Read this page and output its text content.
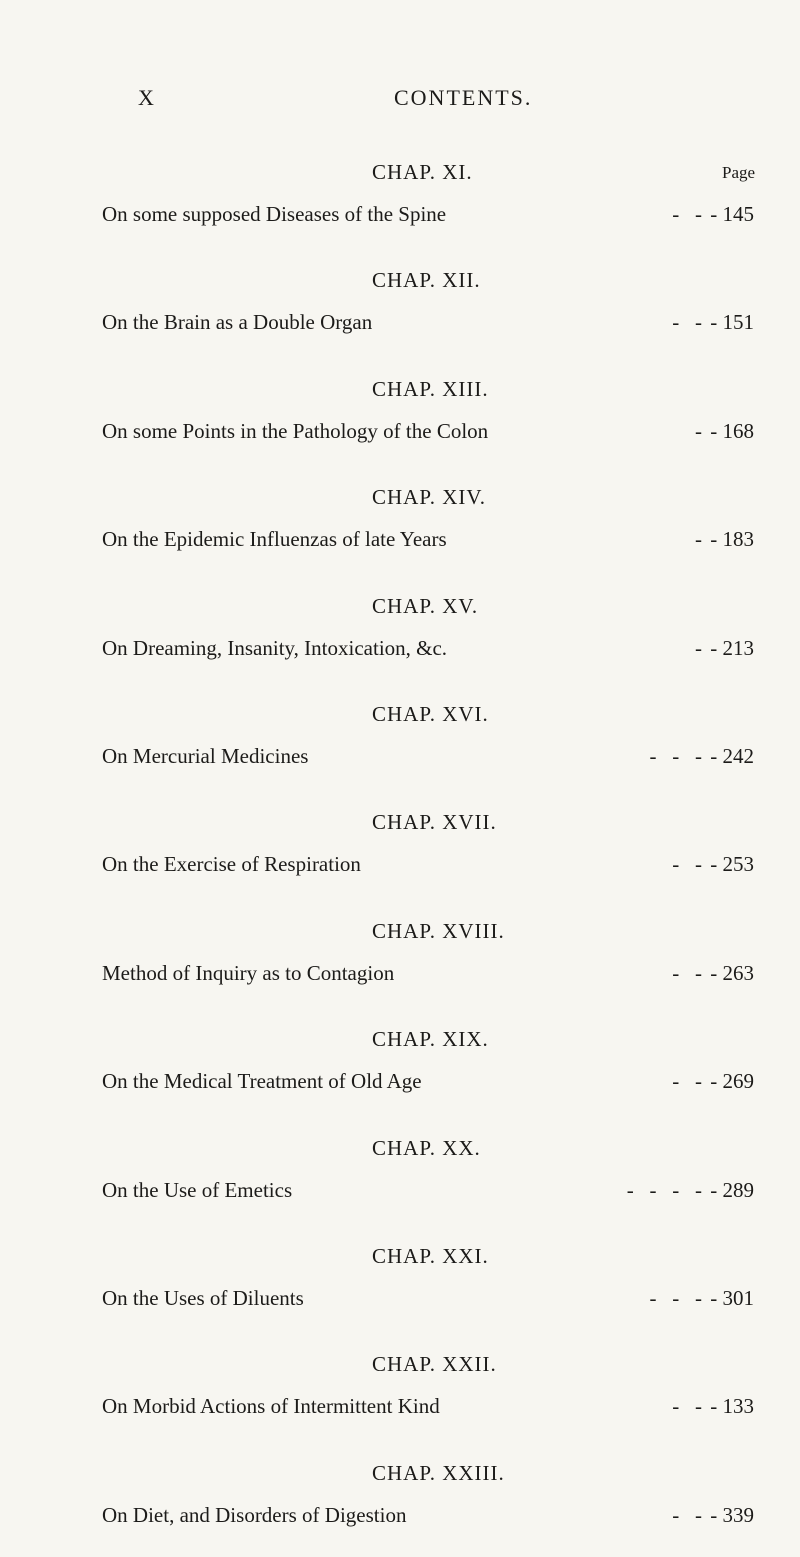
X	CONTENTS.
Page
CHAP. XI.
On some supposed Diseases of the Spine	-   - - 145
CHAP. XII.
On the Brain as a Double Organ	-   - - 151
CHAP. XIII.
On some Points in the Pathology of the Colon	- - 168
CHAP. XIV.
On the Epidemic Influenzas of late Years	- - 183
CHAP. XV.
On Dreaming, Insanity, Intoxication, &c.	- - 213
CHAP. XVI.
On Mercurial Medicines	-   -   - - 242
CHAP. XVII.
On the Exercise of Respiration	-   - - 253
CHAP. XVIII.
Method of Inquiry as to Contagion	-   - - 263
CHAP. XIX.
On the Medical Treatment of Old Age	-   - - 269
CHAP. XX.
On the Use of Emetics	-   -   -   - - 289
CHAP. XXI.
On the Uses of Diluents	-   -   - - 301
CHAP. XXII.
On Morbid Actions of Intermittent Kind	-   - - 133
CHAP. XXIII.
On Diet, and Disorders of Digestion	-   - - 339
